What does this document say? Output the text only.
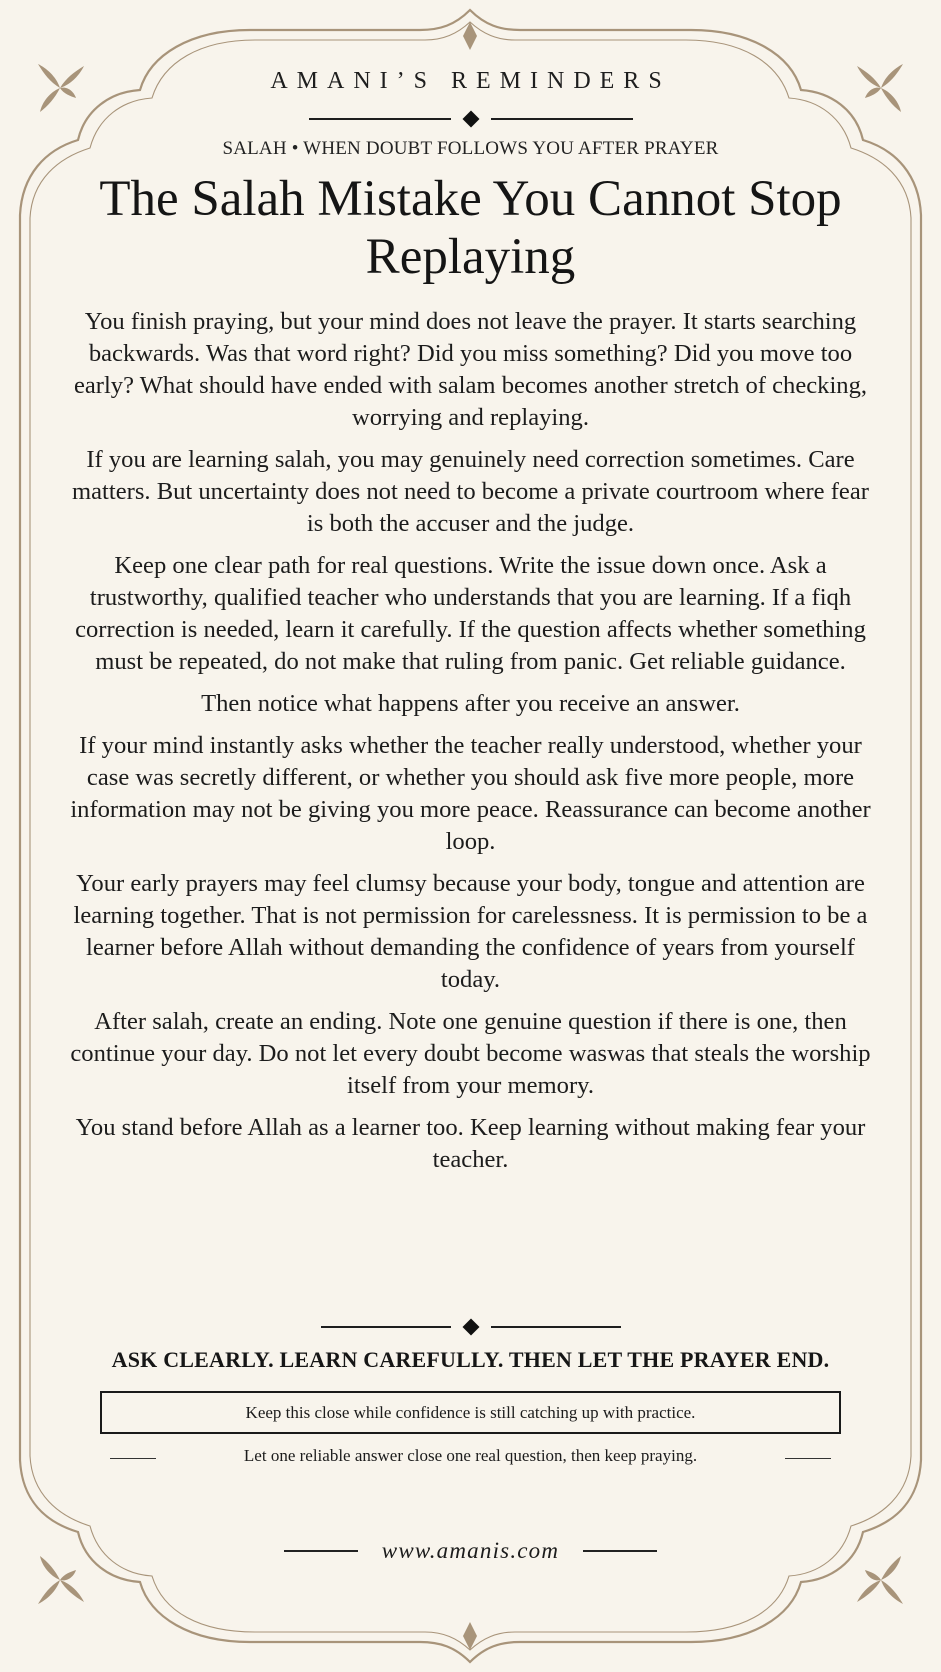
AMANI’S REMINDERS
SALAH • WHEN DOUBT FOLLOWS YOU AFTER PRAYER
The Salah Mistake You Cannot Stop Replaying

You finish praying, but your mind does not leave the prayer. It starts searching backwards. Was that word right? Did you miss something? Did you move too early? What should have ended with salam becomes another stretch of checking, worrying and replaying.

If you are learning salah, you may genuinely need correction sometimes. Care matters. But uncertainty does not need to become a private courtroom where fear is both the accuser and the judge.

Keep one clear path for real questions. Write the issue down once. Ask a trustworthy, qualified teacher who understands that you are learning. If a fiqh correction is needed, learn it carefully. If the question affects whether something must be repeated, do not make that ruling from panic. Get reliable guidance.

Then notice what happens after you receive an answer.

If your mind instantly asks whether the teacher really understood, whether your case was secretly different, or whether you should ask five more people, more information may not be giving you more peace. Reassurance can become another loop.

Your early prayers may feel clumsy because your body, tongue and attention are learning together. That is not permission for carelessness. It is permission to be a learner before Allah without demanding the confidence of years from yourself today.

After salah, create an ending. Note one genuine question if there is one, then continue your day. Do not let every doubt become waswas that steals the worship itself from your memory.

You stand before Allah as a learner too. Keep learning without making fear your teacher.

ASK CLEARLY. LEARN CAREFULLY. THEN LET THE PRAYER END.
Keep this close while confidence is still catching up with practice.
Let one reliable answer close one real question, then keep praying.
www.amanis.com
